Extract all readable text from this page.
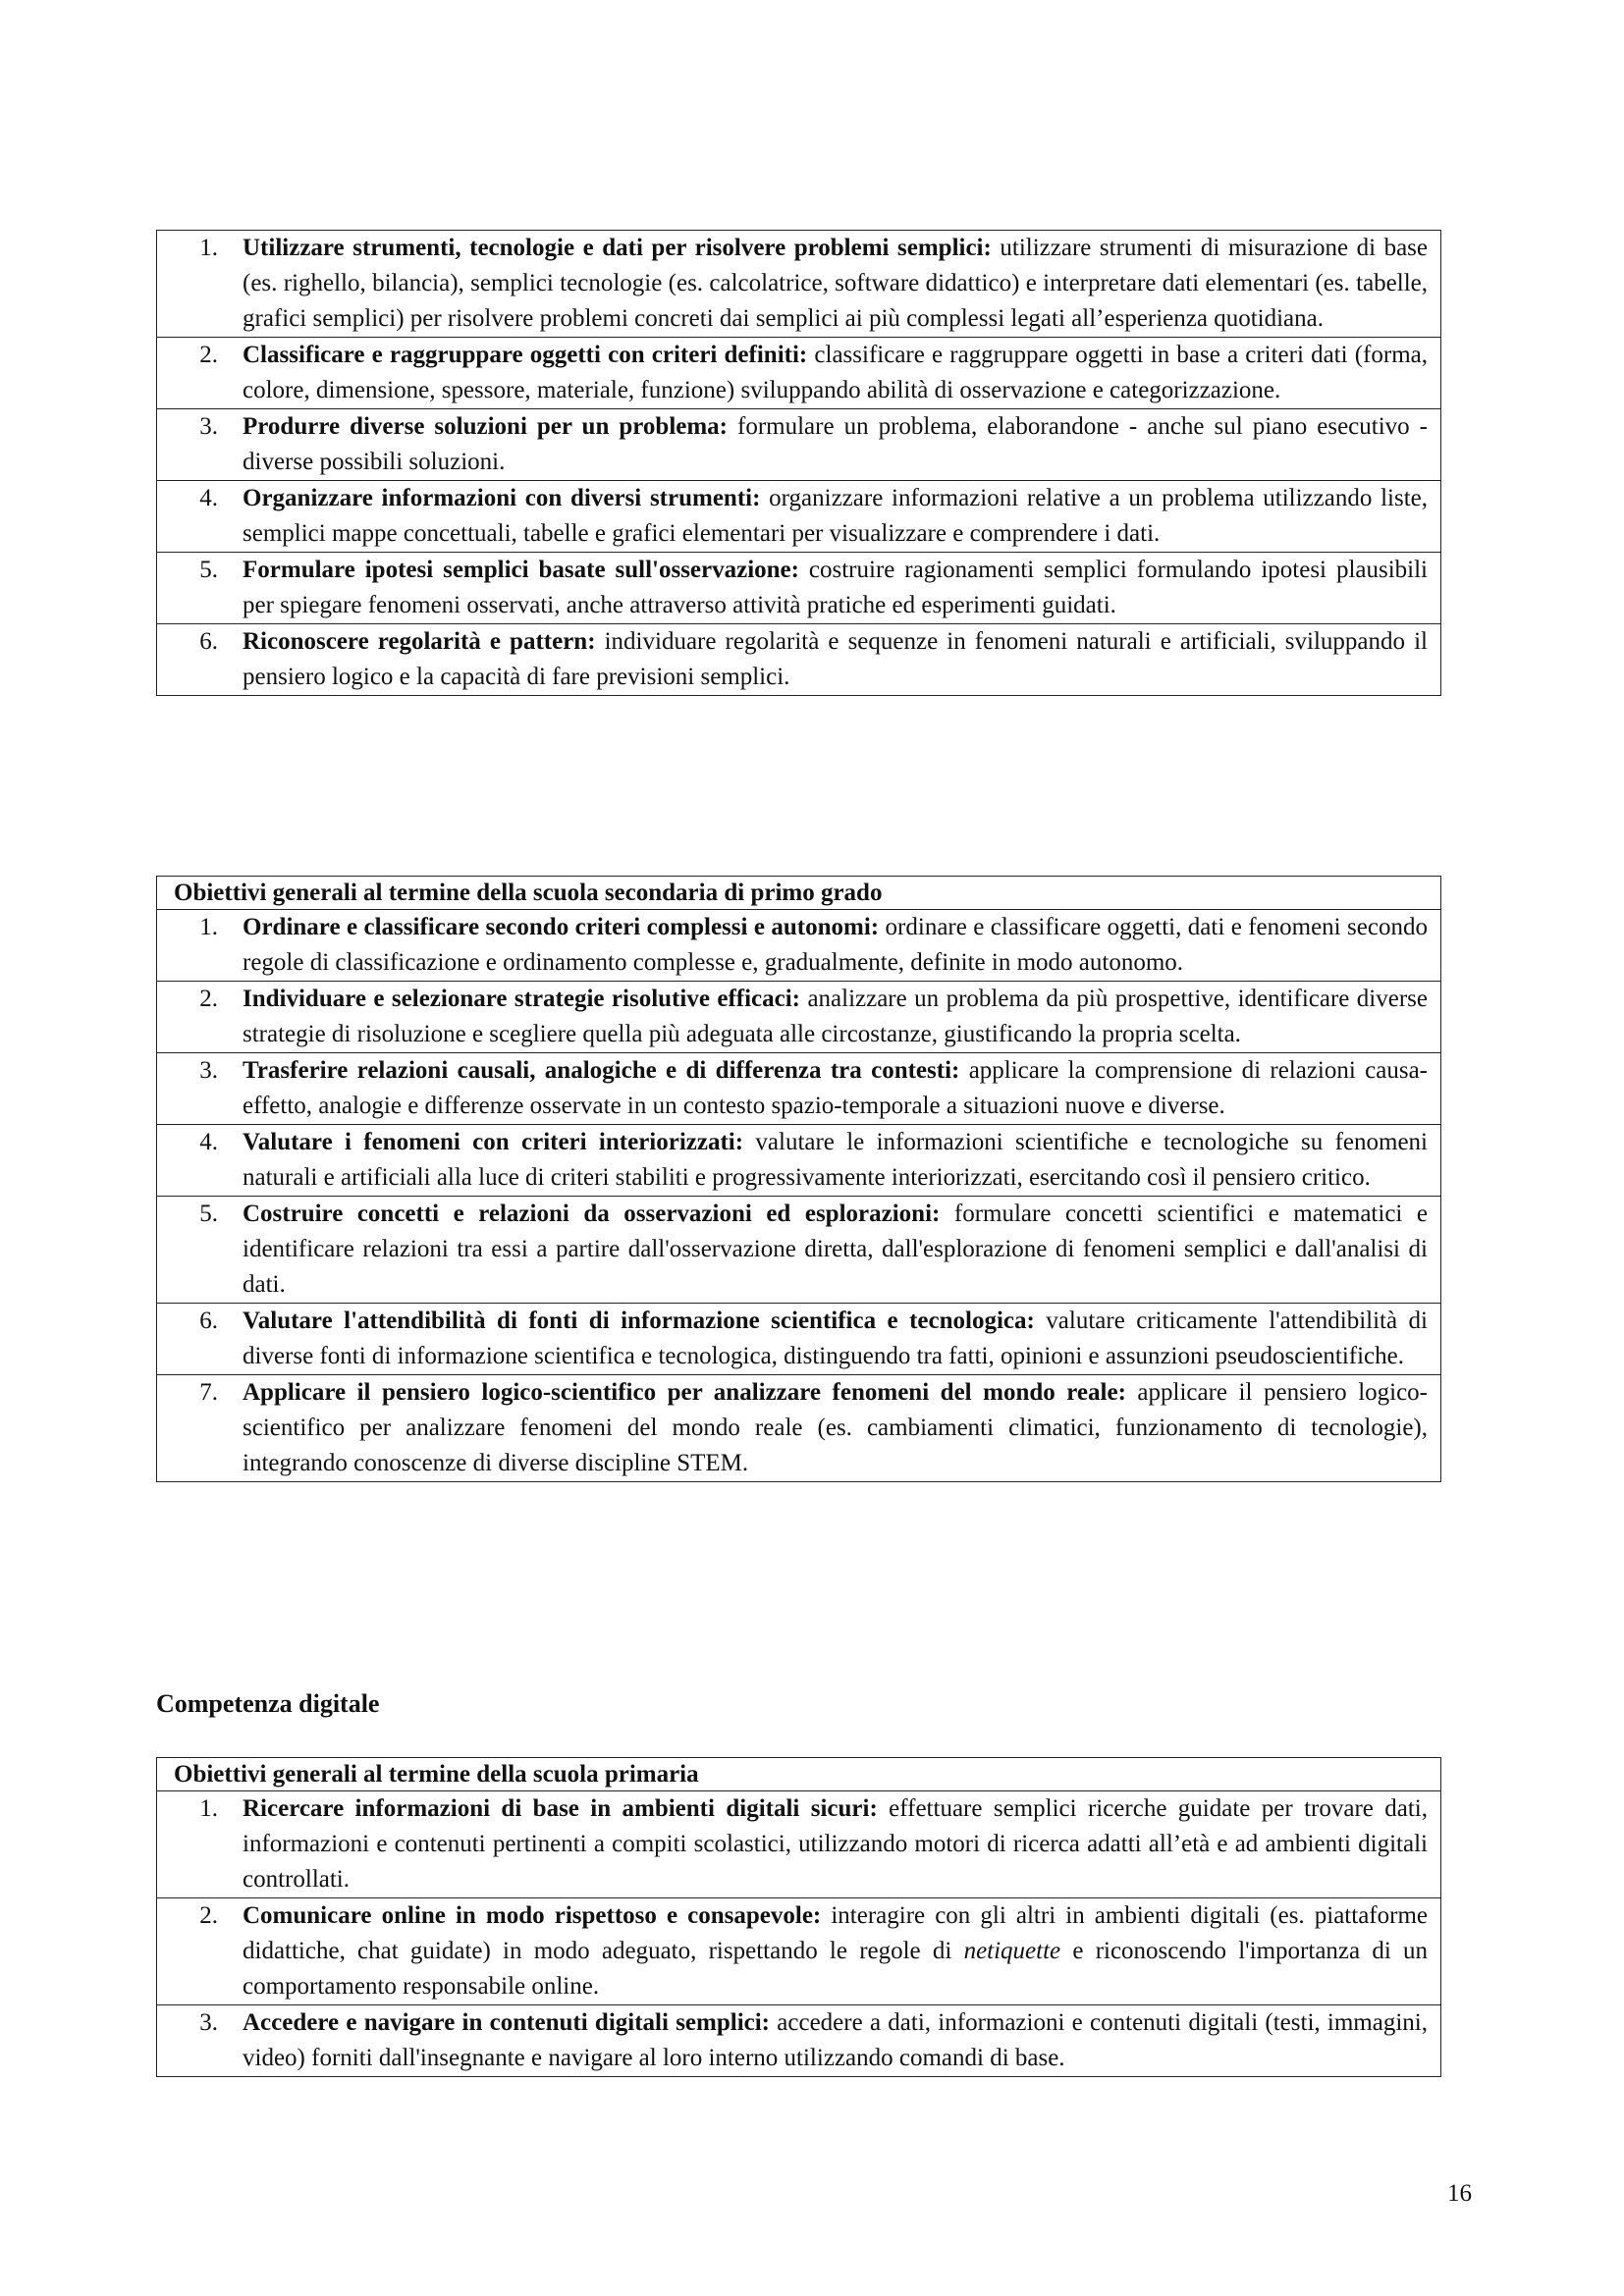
1.	Utilizzare strumenti, tecnologie e dati per risolvere problemi semplici: utilizzare strumenti di misurazione di base (es. righello, bilancia), semplici tecnologie (es. calcolatrice, software didattico) e interpretare dati elementari (es. tabelle, grafici semplici) per risolvere problemi concreti dai semplici ai più complessi legati all’esperienza quotidiana.
2.	Classificare e raggruppare oggetti con criteri definiti: classificare e raggruppare oggetti in base a criteri dati (forma, colore, dimensione, spessore, materiale, funzione) sviluppando abilità di osservazione e categorizzazione.
3.	Produrre diverse soluzioni per un problema: formulare un problema, elaborandone - anche sul piano esecutivo - diverse possibili soluzioni.
4.	Organizzare informazioni con diversi strumenti: organizzare informazioni relative a un problema utilizzando liste, semplici mappe concettuali, tabelle e grafici elementari per visualizzare e comprendere i dati.
5.	Formulare ipotesi semplici basate sull'osservazione: costruire ragionamenti semplici formulando ipotesi plausibili per spiegare fenomeni osservati, anche attraverso attività pratiche ed esperimenti guidati.
6.	Riconoscere regolarità e pattern: individuare regolarità e sequenze in fenomeni naturali e artificiali, sviluppando il pensiero logico e la capacità di fare previsioni semplici.
Obiettivi generali al termine della scuola secondaria di primo grado
1.	Ordinare e classificare secondo criteri complessi e autonomi: ordinare e classificare oggetti, dati e fenomeni secondo regole di classificazione e ordinamento complesse e, gradualmente, definite in modo autonomo.
2.	Individuare e selezionare strategie risolutive efficaci: analizzare un problema da più prospettive, identificare diverse strategie di risoluzione e scegliere quella più adeguata alle circostanze, giustificando la propria scelta.
3.	Trasferire relazioni causali, analogiche e di differenza tra contesti: applicare la comprensione di relazioni causa-effetto, analogie e differenze osservate in un contesto spazio-temporale a situazioni nuove e diverse.
4.	Valutare i fenomeni con criteri interiorizzati: valutare le informazioni scientifiche e tecnologiche su fenomeni naturali e artificiali alla luce di criteri stabiliti e progressivamente interiorizzati, esercitando così il pensiero critico.
5.	Costruire concetti e relazioni da osservazioni ed esplorazioni: formulare concetti scientifici e matematici e identificare relazioni tra essi a partire dall'osservazione diretta, dall'esplorazione di fenomeni semplici e dall'analisi di dati.
6.	Valutare l'attendibilità di fonti di informazione scientifica e tecnologica: valutare criticamente l'attendibilità di diverse fonti di informazione scientifica e tecnologica, distinguendo tra fatti, opinioni e assunzioni pseudoscientifiche.
7.	Applicare il pensiero logico-scientifico per analizzare fenomeni del mondo reale: applicare il pensiero logico-scientifico per analizzare fenomeni del mondo reale (es. cambiamenti climatici, funzionamento di tecnologie), integrando conoscenze di diverse discipline STEM.
Competenza digitale
Obiettivi generali al termine della scuola primaria
1.	Ricercare informazioni di base in ambienti digitali sicuri: effettuare semplici ricerche guidate per trovare dati, informazioni e contenuti pertinenti a compiti scolastici, utilizzando motori di ricerca adatti all’età e ad ambienti digitali controllati.
2.	Comunicare online in modo rispettoso e consapevole: interagire con gli altri in ambienti digitali (es. piattaforme didattiche, chat guidate) in modo adeguato, rispettando le regole di netiquette e riconoscendo l'importanza di un comportamento responsabile online.
3.	Accedere e navigare in contenuti digitali semplici: accedere a dati, informazioni e contenuti digitali (testi, immagini, video) forniti dall'insegnante e navigare al loro interno utilizzando comandi di base.
16
